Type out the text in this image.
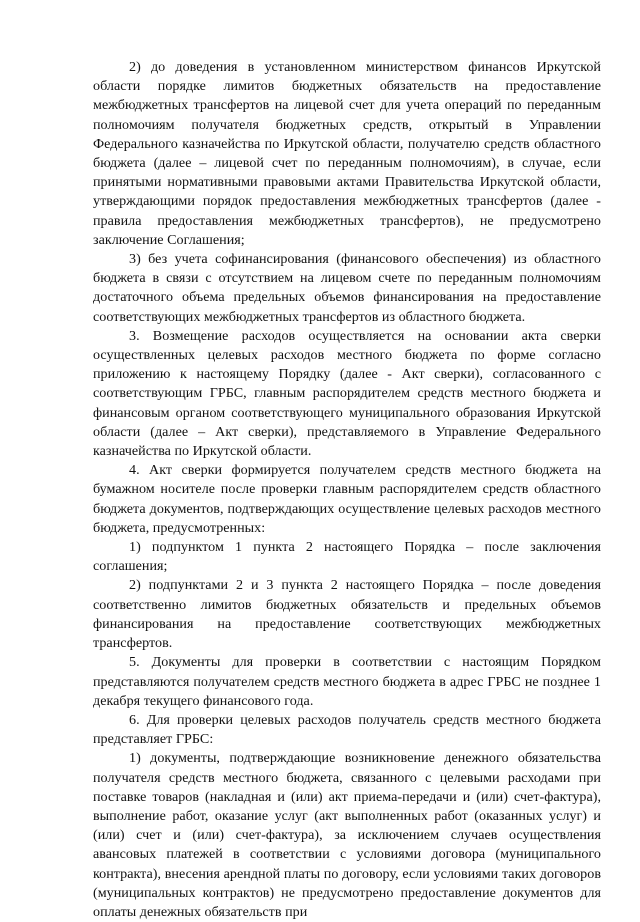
2) до доведения в установленном министерством финансов Иркутской области порядке лимитов бюджетных обязательств на предоставление межбюджетных трансфертов на лицевой счет для учета операций по переданным полномочиям получателя бюджетных средств, открытый в Управлении Федерального казначейства по Иркутской области, получателю средств областного бюджета (далее – лицевой счет по переданным полномочиям), в случае, если принятыми нормативными правовыми актами Правительства Иркутской области, утверждающими порядок предоставления межбюджетных трансфертов (далее - правила предоставления межбюджетных трансфертов), не предусмотрено заключение Соглашения;

3) без учета софинансирования (финансового обеспечения) из областного бюджета в связи с отсутствием на лицевом счете по переданным полномочиям достаточного объема предельных объемов финансирования на предоставление соответствующих межбюджетных трансфертов из областного бюджета.

3. Возмещение расходов осуществляется на основании акта сверки осуществленных целевых расходов местного бюджета по форме согласно приложению к настоящему Порядку (далее - Акт сверки), согласованного с соответствующим ГРБС, главным распорядителем средств местного бюджета и финансовым органом соответствующего муниципального образования Иркутской области (далее – Акт сверки), представляемого в Управление Федерального казначейства по Иркутской области.

4. Акт сверки формируется получателем средств местного бюджета на бумажном носителе после проверки главным распорядителем средств областного бюджета документов, подтверждающих осуществление целевых расходов местного бюджета, предусмотренных:

1) подпунктом 1 пункта 2 настоящего Порядка – после заключения соглашения;

2) подпунктами 2 и 3 пункта 2 настоящего Порядка – после доведения соответственно лимитов бюджетных обязательств и предельных объемов финансирования на предоставление соответствующих межбюджетных трансфертов.

5. Документы для проверки в соответствии с настоящим Порядком представляются получателем средств местного бюджета в адрес ГРБС не позднее 1 декабря текущего финансового года.

6. Для проверки целевых расходов получатель средств местного бюджета представляет ГРБС:

1) документы, подтверждающие возникновение денежного обязательства получателя средств местного бюджета, связанного с целевыми расходами при поставке товаров (накладная и (или) акт приема-передачи и (или) счет-фактура), выполнение работ, оказание услуг (акт выполненных работ (оказанных услуг) и (или) счет и (или) счет-фактура), за исключением случаев осуществления авансовых платежей в соответствии с условиями договора (муниципального контракта), внесения арендной платы по договору, если условиями таких договоров (муниципальных контрактов) не предусмотрено предоставление документов для оплаты денежных обязательств при
